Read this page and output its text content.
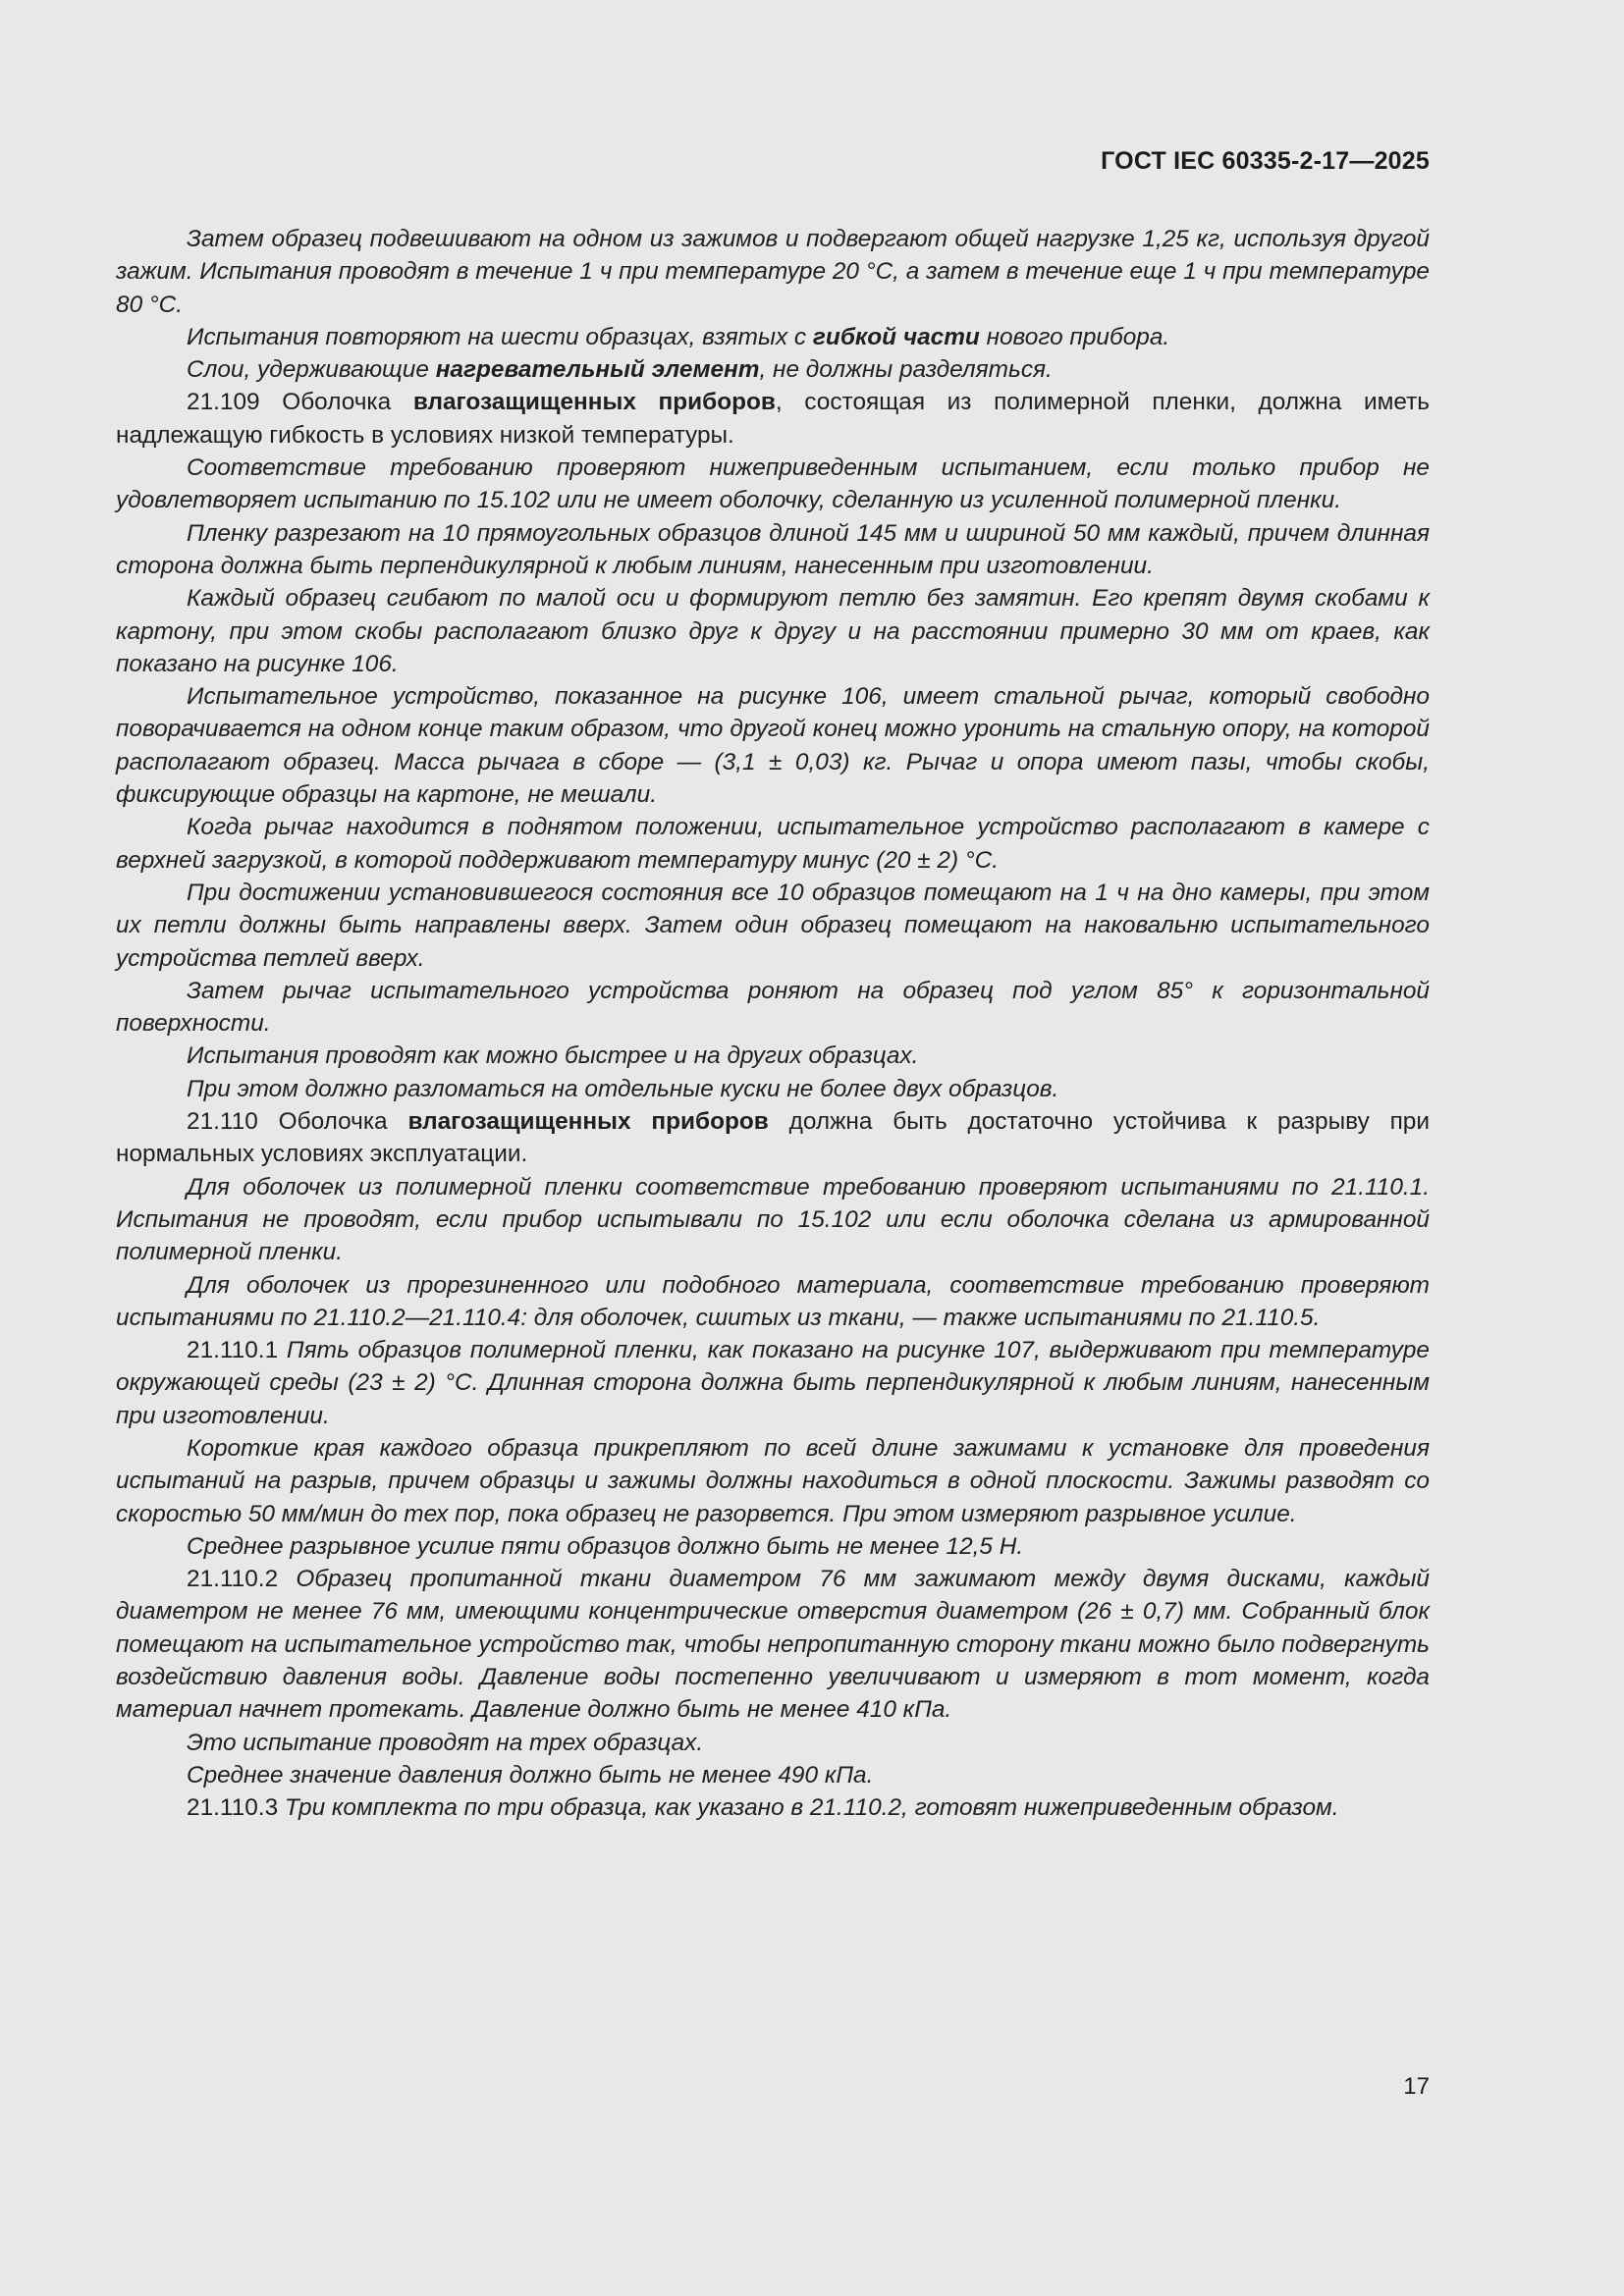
ГОСТ IEC 60335-2-17—2025

Затем образец подвешивают на одном из зажимов и подвергают общей нагрузке 1,25 кг, используя другой зажим. Испытания проводят в течение 1 ч при температуре 20 °С, а затем в течение еще 1 ч при температуре 80 °С.

Испытания повторяют на шести образцах, взятых с гибкой части нового прибора.

Слои, удерживающие нагревательный элемент, не должны разделяться.

21.109 Оболочка влагозащищенных приборов, состоящая из полимерной пленки, должна иметь надлежащую гибкость в условиях низкой температуры.

Соответствие требованию проверяют нижеприведенным испытанием, если только прибор не удовлетворяет испытанию по 15.102 или не имеет оболочку, сделанную из усиленной полимерной пленки.

Пленку разрезают на 10 прямоугольных образцов длиной 145 мм и шириной 50 мм каждый, причем длинная сторона должна быть перпендикулярной к любым линиям, нанесенным при изготовлении.

Каждый образец сгибают по малой оси и формируют петлю без замятин. Его крепят двумя скобами к картону, при этом скобы располагают близко друг к другу и на расстоянии примерно 30 мм от краев, как показано на рисунке 106.

Испытательное устройство, показанное на рисунке 106, имеет стальной рычаг, который свободно поворачивается на одном конце таким образом, что другой конец можно уронить на стальную опору, на которой располагают образец. Масса рычага в сборе — (3,1 ± 0,03) кг. Рычаг и опора имеют пазы, чтобы скобы, фиксирующие образцы на картоне, не мешали.

Когда рычаг находится в поднятом положении, испытательное устройство располагают в камере с верхней загрузкой, в которой поддерживают температуру минус (20 ± 2) °С.

При достижении установившегося состояния все 10 образцов помещают на 1 ч на дно камеры, при этом их петли должны быть направлены вверх. Затем один образец помещают на наковальню испытательного устройства петлей вверх.

Затем рычаг испытательного устройства роняют на образец под углом 85° к горизонтальной поверхности.

Испытания проводят как можно быстрее и на других образцах.

При этом должно разломаться на отдельные куски не более двух образцов.

21.110 Оболочка влагозащищенных приборов должна быть достаточно устойчива к разрыву при нормальных условиях эксплуатации.

Для оболочек из полимерной пленки соответствие требованию проверяют испытаниями по 21.110.1. Испытания не проводят, если прибор испытывали по 15.102 или если оболочка сделана из армированной полимерной пленки.

Для оболочек из прорезиненного или подобного материала, соответствие требованию проверяют испытаниями по 21.110.2—21.110.4: для оболочек, сшитых из ткани, — также испытаниями по 21.110.5.

21.110.1 Пять образцов полимерной пленки, как показано на рисунке 107, выдерживают при температуре окружающей среды (23 ± 2) °С. Длинная сторона должна быть перпендикулярной к любым линиям, нанесенным при изготовлении.

Короткие края каждого образца прикрепляют по всей длине зажимами к установке для проведения испытаний на разрыв, причем образцы и зажимы должны находиться в одной плоскости. Зажимы разводят со скоростью 50 мм/мин до тех пор, пока образец не разорвется. При этом измеряют разрывное усилие.

Среднее разрывное усилие пяти образцов должно быть не менее 12,5 Н.

21.110.2 Образец пропитанной ткани диаметром 76 мм зажимают между двумя дисками, каждый диаметром не менее 76 мм, имеющими концентрические отверстия диаметром (26 ± 0,7) мм. Собранный блок помещают на испытательное устройство так, чтобы непропитанную сторону ткани можно было подвергнуть воздействию давления воды. Давление воды постепенно увеличивают и измеряют в тот момент, когда материал начнет протекать. Давление должно быть не менее 410 кПа.

Это испытание проводят на трех образцах.

Среднее значение давления должно быть не менее 490 кПа.

21.110.3 Три комплекта по три образца, как указано в 21.110.2, готовят нижеприведенным образом.

17
